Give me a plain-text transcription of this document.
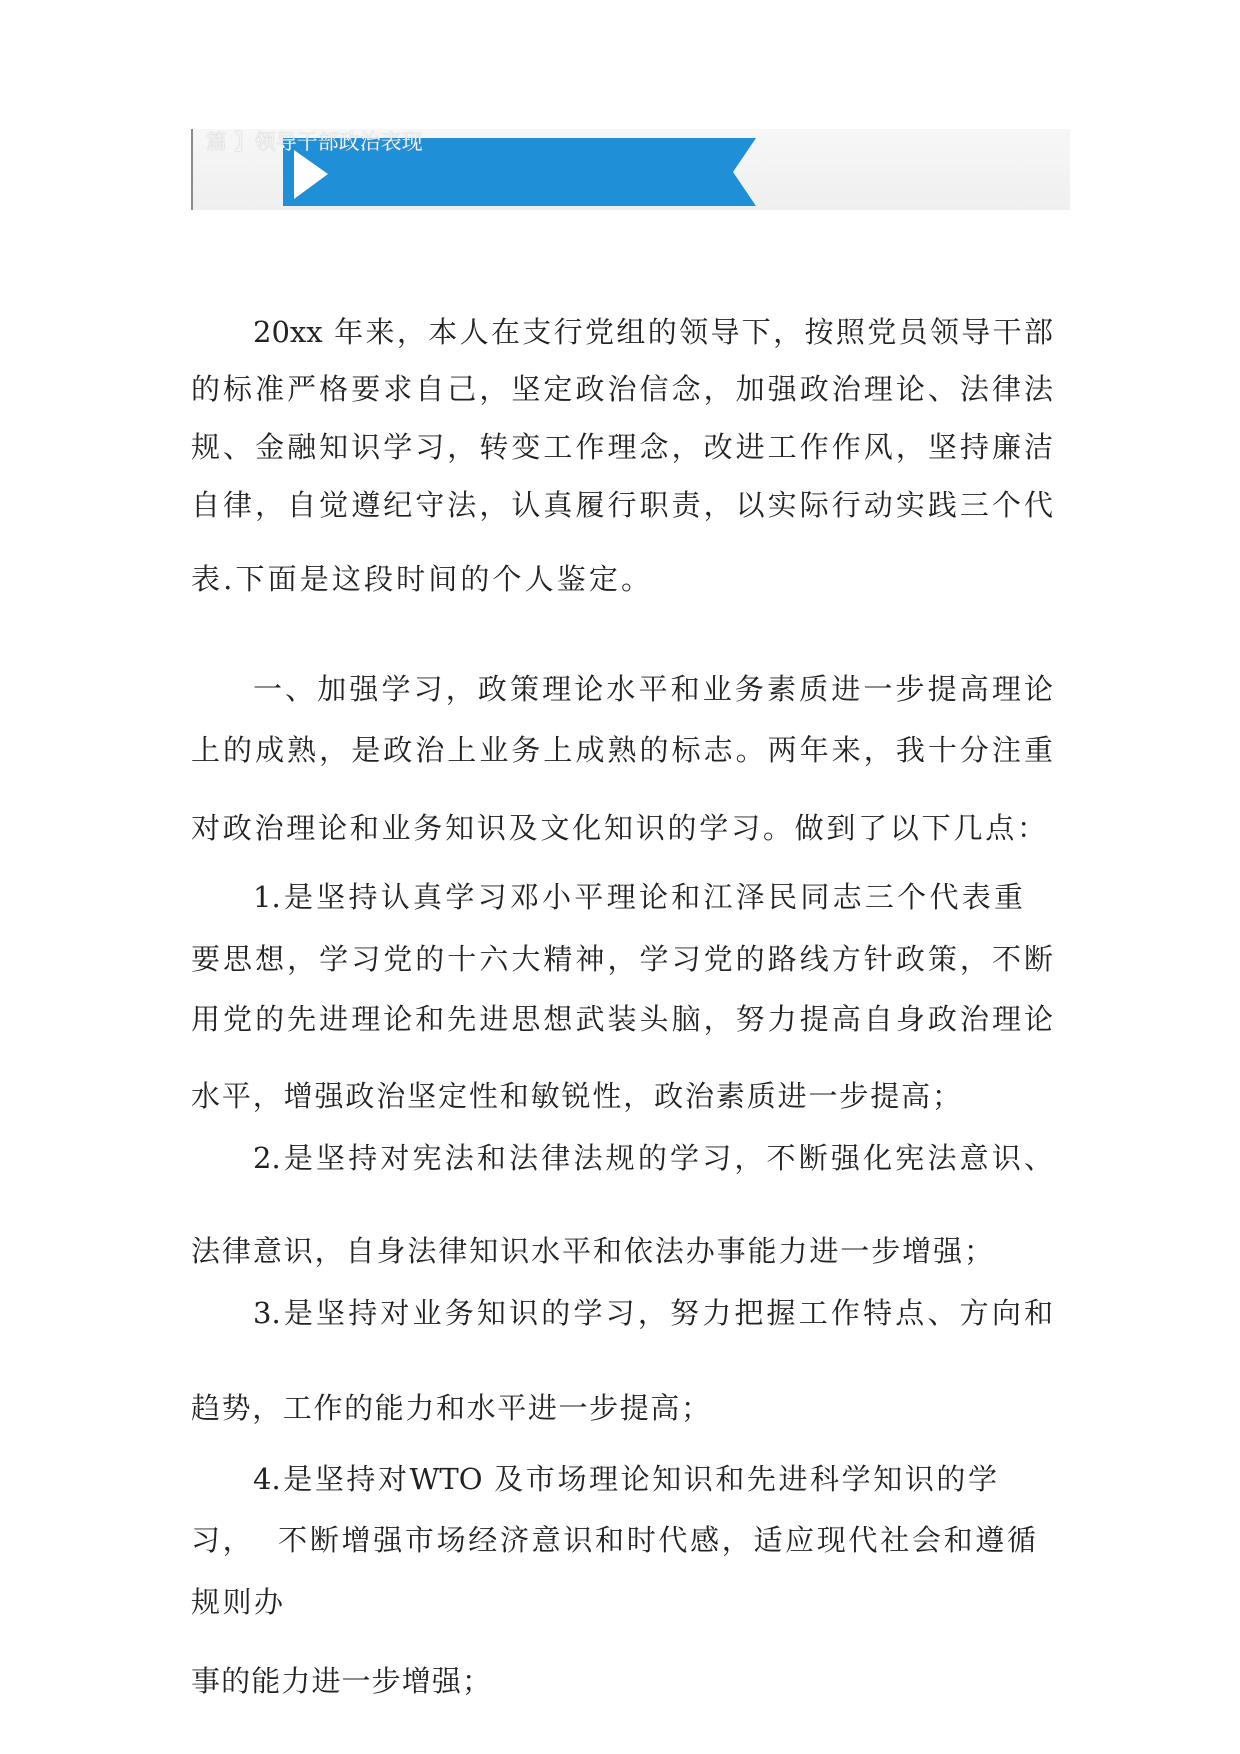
篇 】领导干部政治表现
20xx 年来，本人在支行党组的领导下，按照党员领导干部
的标准严格要求自己，坚定政治信念，加强政治理论、法律法
规、金融知识学习，转变工作理念，改进工作作风，坚持廉洁
自律，自觉遵纪守法，认真履行职责，以实际行动实践三个代
表.下面是这段时间的个人鉴定。
一、加强学习，政策理论水平和业务素质进一步提高理论
上的成熟，是政治上业务上成熟的标志。两年来，我十分注重
对政治理论和业务知识及文化知识的学习。做到了以下几点：
1.是坚持认真学习邓小平理论和江泽民同志三个代表重
要思想，学习党的十六大精神，学习党的路线方针政策，不断
用党的先进理论和先进思想武装头脑，努力提高自身政治理论
水平，增强政治坚定性和敏锐性，政治素质进一步提高；
2.是坚持对宪法和法律法规的学习，不断强化宪法意识、
法律意识，自身法律知识水平和依法办事能力进一步增强；
3.是坚持对业务知识的学习，努力把握工作特点、方向和
趋势，工作的能力和水平进一步提高；
4.是坚持对WTO 及市场理论知识和先进科学知识的学
习，  不断增强市场经济意识和时代感，适应现代社会和遵循
规则办
事的能力进一步增强；
